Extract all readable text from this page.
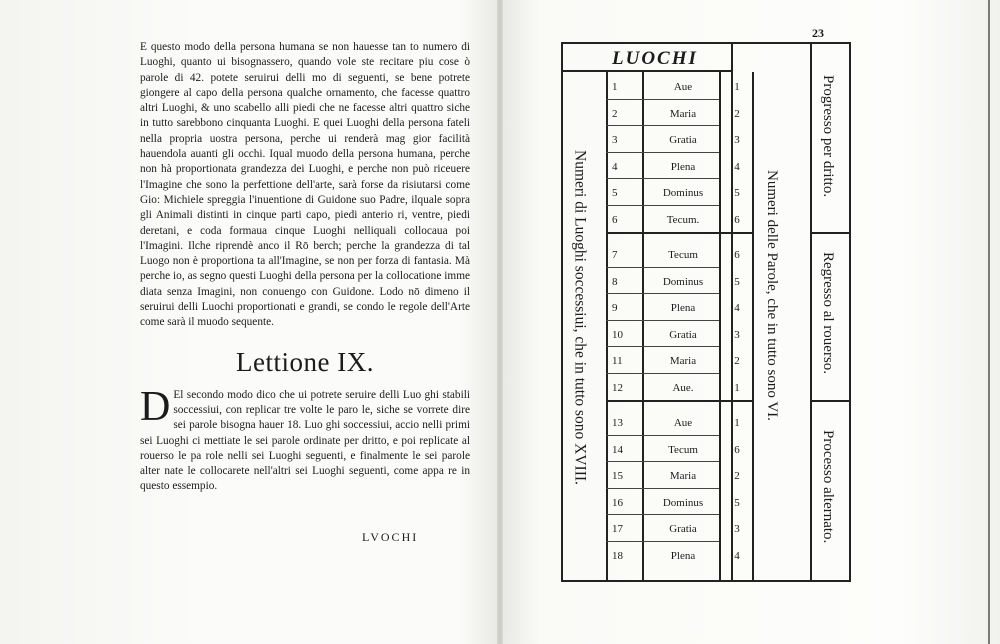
E questo modo della persona humana se non hauesse tan to numero di Luoghi, quanto ui bisognassero, quando vole ste recitare piu cose ò parole di 42. potete seruirui delli mo di seguenti, se bene potrete giongere al capo della persona qualche ornamento, che facesse quattro altri Luoghi, & uno scabello alli piedi che ne facesse altri quattro siche in tutto sarebbono cinquanta Luoghi. E quei Luoghi della persona fateli nella propria uostra persona, perche ui renderà mag gior facilità hauendola auanti gli occhi. Iqual muodo della persona humana, perche non hà proportionata grandezza dei Luoghi, e perche non può riceuere l'Imagine che sono la perfettione dell'arte, sarà forse da risiutarsi come Gio: Michiele spreggia l'inuentione di Guidone suo Padre, ilquale sopra gli Animali distinti in cinque parti capo, piedi anterio ri, ventre, piedi deretani, e coda formaua cinque Luoghi nelliquali collocaua poi l'Imagini. Ilche riprendè anco il Rō berch; perche la grandezza di tal Luogo non è proportiona ta all'Imagine, se non per forza di fantasia. Mà perche io, as segno questi Luoghi della persona per la collocatione imme diata senza Imagini, non conuengo con Guidone. Lodo nō dimeno il seruirui delli Luochi proportionati e grandi, se condo le regole dell'Arte come sarà il muodo sequente.

Lettione IX.

D El secondo modo dico che ui potrete seruire delli Luo ghi stabili soccessiui, con replicar tre volte le paro le, siche se vorrete dire sei parole bisogna hauer 18. Luo ghi soccessiui, accio nelli primi sei Luoghi ci mettiate le sei parole ordinate per dritto, e poi replicate al rouerso le pa role nelli sei Luoghi seguenti, e finalmente le sei parole alter nate le collocarete nell'altri sei Luoghi seguenti, come appa re in questo essempio.

LVOCHI
23
LUOCHI
Numeri di Luoghi soccessiui, che in tutto sono XVIII.	Numeri delle Parole, che in tutto sono VI.
Progresso per dritto.
Regresso al rouerso.
Processo alternato.
1	Aue	1
2	Maria	2
3	Gratia	3
4	Plena	4
5	Dominus	5
6	Tecum.	6
7	Tecum	6
8	Dominus	5
9	Plena	4
10	Gratia	3
11	Maria	2
12	Aue.	1
13	Aue	1
14	Tecum	6
15	Maria	2
16	Dominus	5
17	Gratia	3
18	Plena	4
